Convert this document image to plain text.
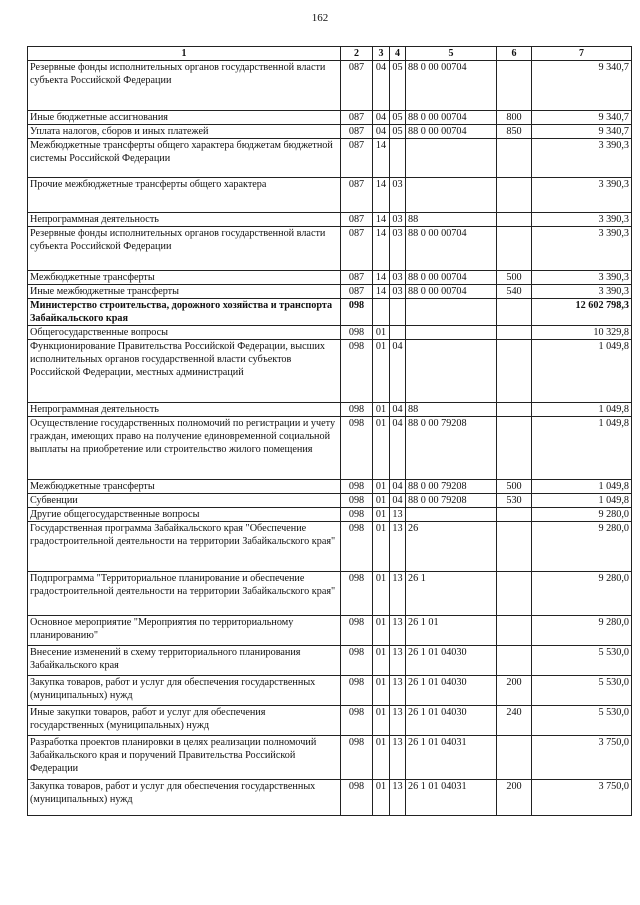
162
1	2	3	4	5	6	7
Резервные фонды исполнительных органов государственной власти субъекта Российской Федерации	087	04	05	88 0 00 00704		9 340,7
Иные бюджетные ассигнования	087	04	05	88 0 00 00704	800	9 340,7
Уплата налогов, сборов и иных платежей	087	04	05	88 0 00 00704	850	9 340,7
Межбюджетные трансферты общего характера бюджетам бюджетной системы Российской Федерации	087	14				3 390,3
Прочие межбюджетные трансферты общего характера	087	14	03			3 390,3
Непрограммная деятельность	087	14	03	88		3 390,3
Резервные фонды исполнительных органов государственной власти субъекта Российской Федерации	087	14	03	88 0 00 00704		3 390,3
Межбюджетные трансферты	087	14	03	88 0 00 00704	500	3 390,3
Иные межбюджетные трансферты	087	14	03	88 0 00 00704	540	3 390,3
Министерство строительства, дорожного хозяйства и транспорта Забайкальского края	098					12 602 798,3
Общегосударственные вопросы	098	01				10 329,8
Функционирование Правительства Российской Федерации, высших исполнительных органов государственной власти субъектов Российской Федерации, местных администраций	098	01	04			1 049,8
Непрограммная деятельность	098	01	04	88		1 049,8
Осуществление государственных полномочий по регистрации и учету граждан, имеющих право на получение единовременной социальной выплаты на приобретение или строительство жилого помещения	098	01	04	88 0 00 79208		1 049,8
Межбюджетные трансферты	098	01	04	88 0 00 79208	500	1 049,8
Субвенции	098	01	04	88 0 00 79208	530	1 049,8
Другие общегосударственные вопросы	098	01	13			9 280,0
Государственная программа Забайкальского края "Обеспечение градостроительной деятельности на территории Забайкальского края"	098	01	13	26		9 280,0
Подпрограмма "Территориальное планирование и обеспечение градостроительной деятельности на территории Забайкальского края"	098	01	13	26 1		9 280,0
Основное мероприятие "Мероприятия по территориальному планированию"	098	01	13	26 1 01		9 280,0
Внесение изменений в схему территориального планирования Забайкальского края	098	01	13	26 1 01 04030		5 530,0
Закупка товаров, работ и услуг для обеспечения государственных (муниципальных) нужд	098	01	13	26 1 01 04030	200	5 530,0
Иные закупки товаров, работ и услуг для обеспечения государственных (муниципальных) нужд	098	01	13	26 1 01 04030	240	5 530,0
Разработка проектов планировки в целях реализации полномочий Забайкальского края и поручений Правительства Российской Федерации	098	01	13	26 1 01 04031		3 750,0
Закупка товаров, работ и услуг для обеспечения государственных (муниципальных) нужд	098	01	13	26 1 01 04031	200	3 750,0
